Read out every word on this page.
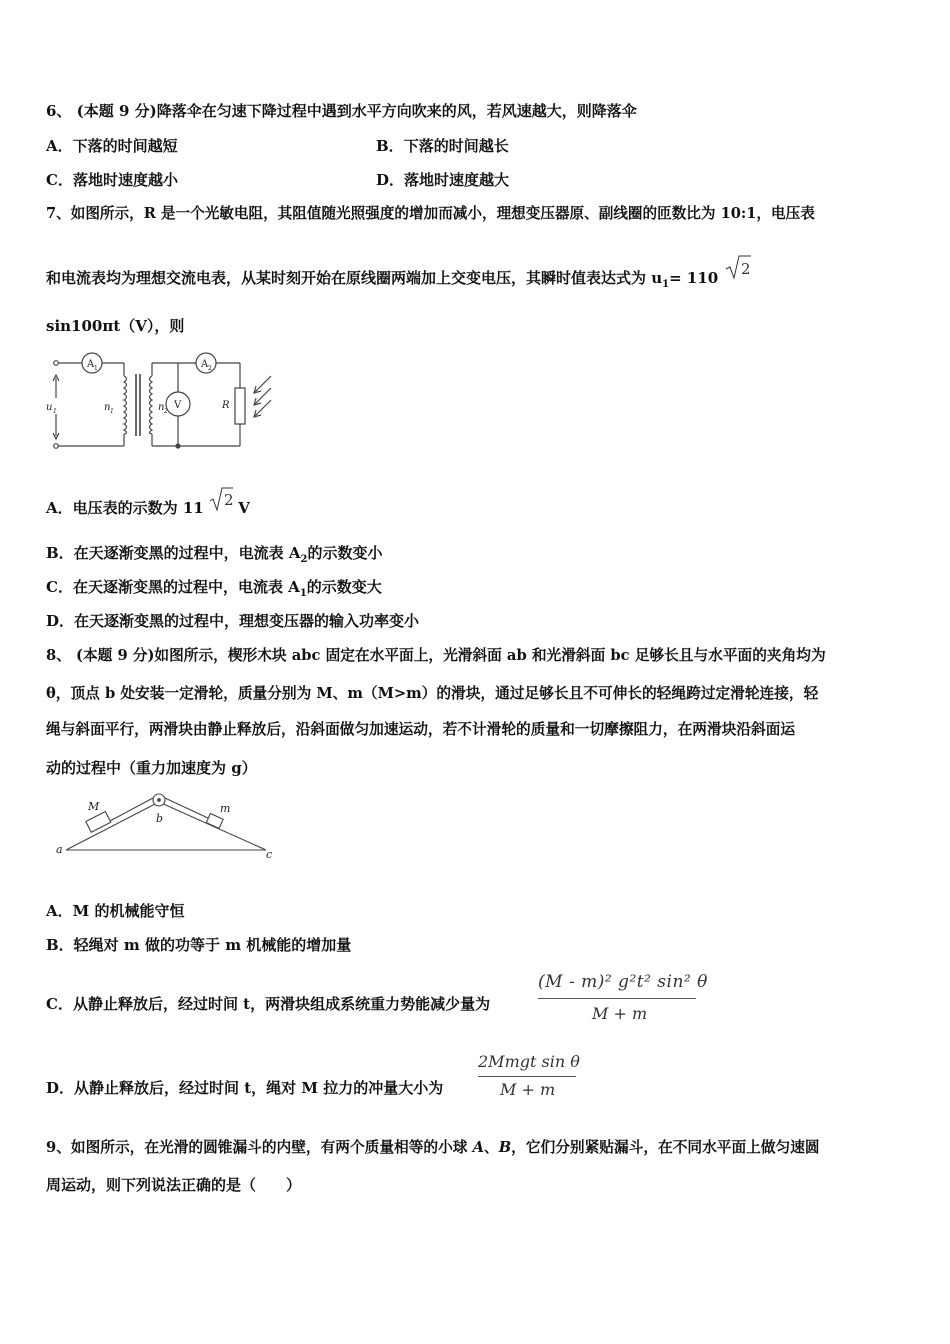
6、 (本题 9 分)降落伞在匀速下降过程中遇到水平方向吹来的风，若风速越大，则降落伞
A．下落的时间越短	B．下落的时间越长
C．落地时速度越小	D．落地时速度越大
7、如图所示，R 是一个光敏电阻，其阻值随光照强度的增加而减小，理想变压器原、副线圈的匝数比为 10:1，电压表
和电流表均为理想交流电表，从某时刻开始在原线圈两端加上交变电压，其瞬时值表达式为 $u_1= 110$ 2
sin100πt（V），则
u 1	n 1	n 2
R
A 1	A 2
V
A．电压表的示数为 11 2 V
B．在天逐渐变黑的过程中，电流表 $A_2$的示数变小
C．在天逐渐变黑的过程中，电流表 $A_1$的示数变大
D．在天逐渐变黑的过程中，理想变压器的输入功率变小
8、 (本题 9 分)如图所示，楔形木块 abc 固定在水平面上，光滑斜面 ab 和光滑斜面 bc 足够长且与水平面的夹角均为
θ，顶点 b 处安装一定滑轮，质量分别为 M、m（M>m）的滑块，通过足够长且不可伸长的轻绳跨过定滑轮连接，轻
绳与斜面平行，两滑块由静止释放后，沿斜面做匀加速运动，若不计滑轮的质量和一切摩擦阻力，在两滑块沿斜面运
动的过程中（重力加速度为 g）
a
b
c
M	m
A．M 的机械能守恒
B．轻绳对 m 做的功等于 m 机械能的增加量
C．从静止释放后，经过时间 t，两滑块组成系统重力势能减少量为
(M - m)² g²t² sin² θ
M + m
D．从静止释放后，经过时间 t，绳对 M 拉力的冲量大小为
2Mmgt sin θ
M + m
9、如图所示，在光滑的圆锥漏斗的内壁，有两个质量相等的小球 A、B，它们分别紧贴漏斗，在不同水平面上做匀速圆
周运动，则下列说法正确的是（　　）
